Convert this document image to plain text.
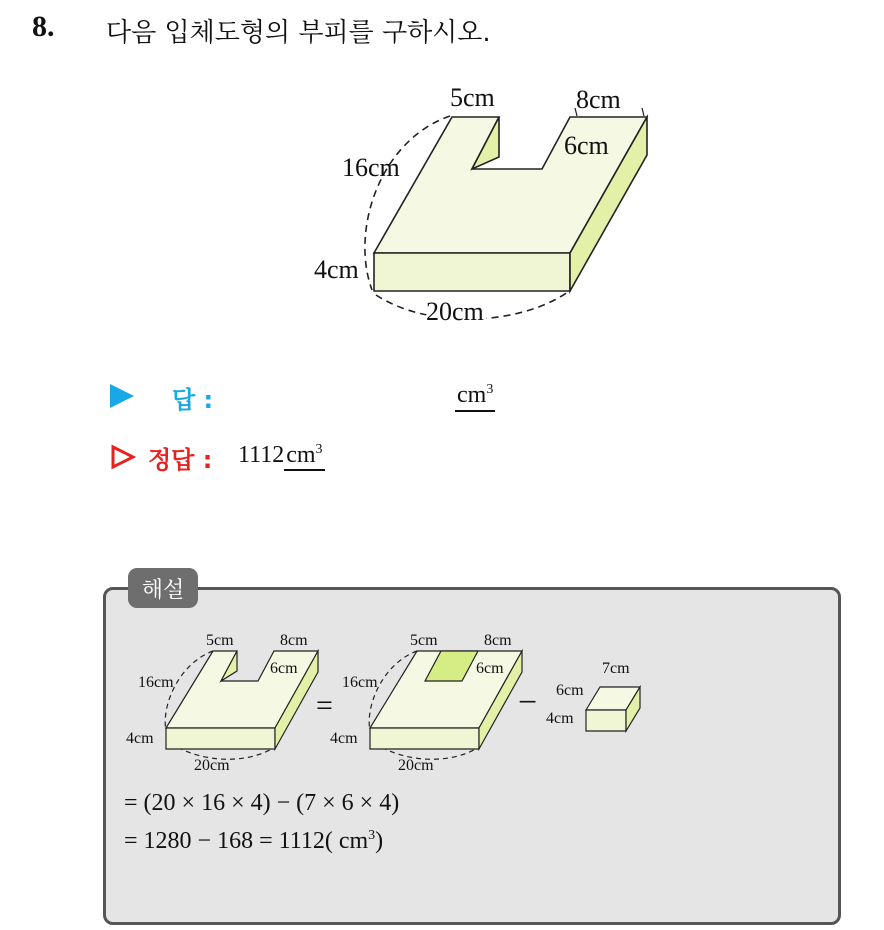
8. 다음 입체도형의 부피를 구하시오.
5cm	8cm
6cm
16cm
4cm
20cm
답 :	$cm^3$
정답 : $1112cm^3$
해설
5cm	8cm
6cm
16cm
4cm
20cm
=
5cm	8cm
6cm
16cm
4cm
20cm
−
7cm
6cm
4cm
= (20 × 16 × 4) − (7 × 6 × 4)
= 1280 − 168 = 1112( $cm^3$)
